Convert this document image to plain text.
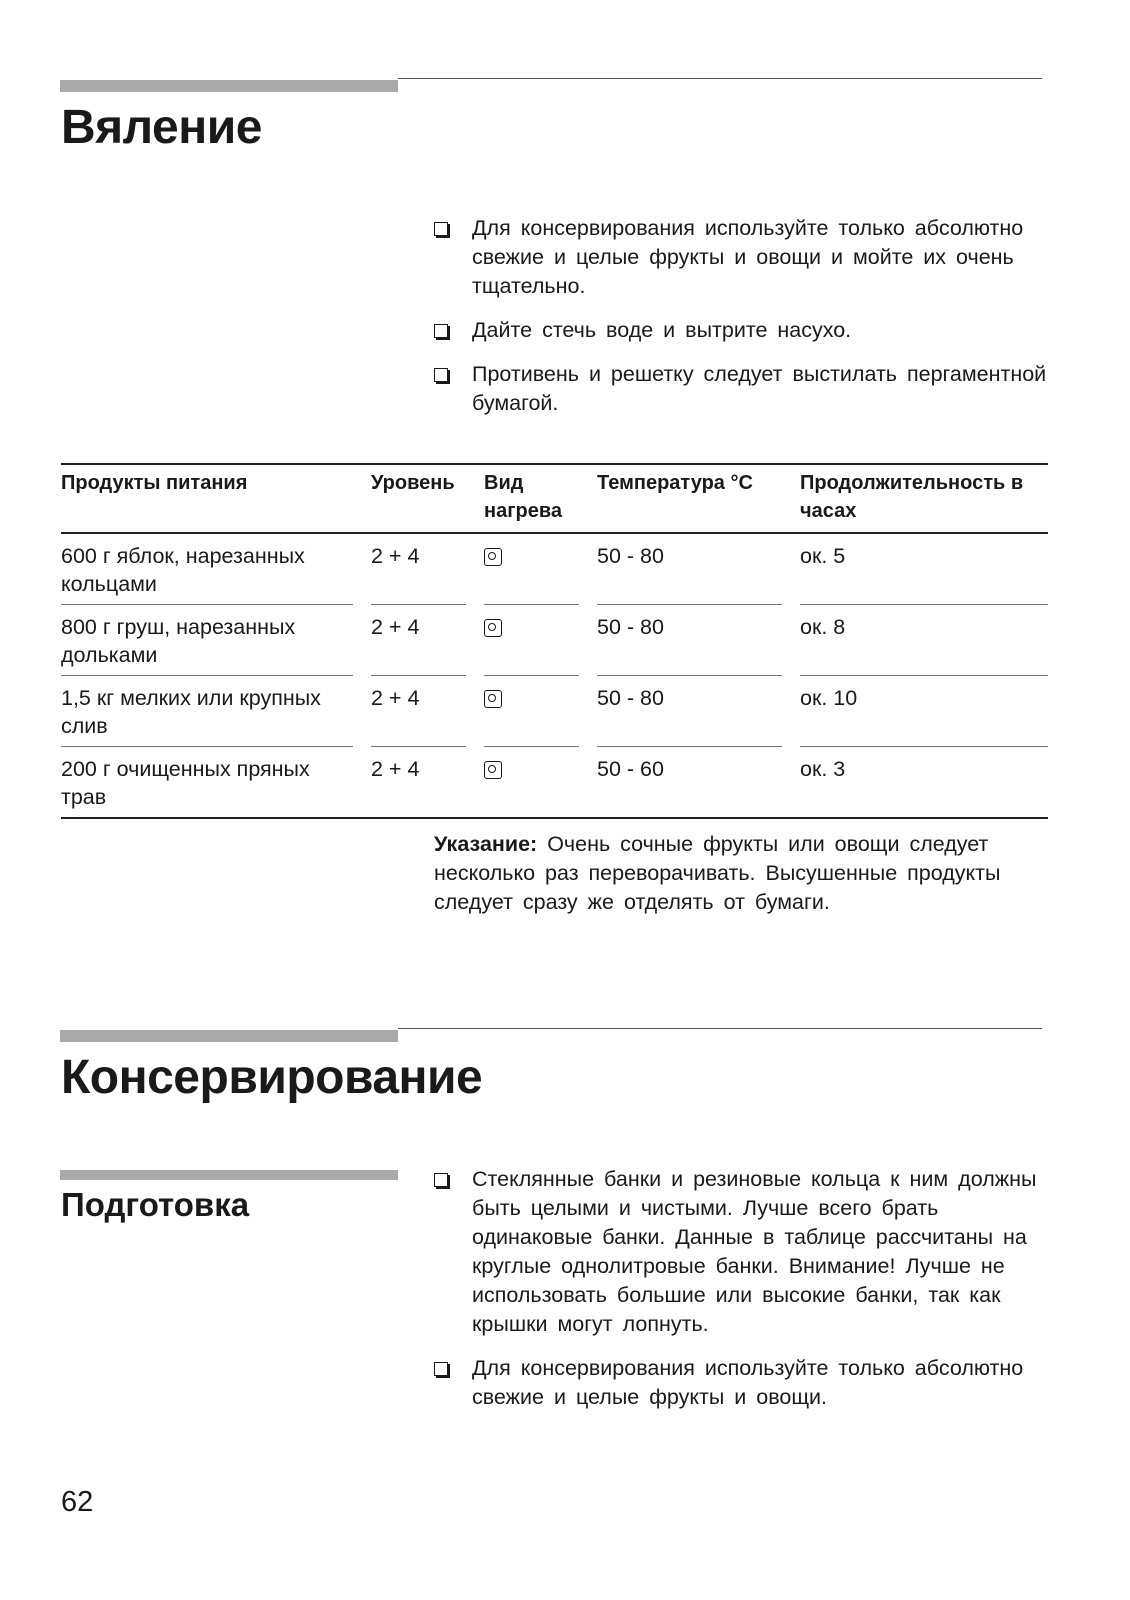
Вяление
Для консервирования используйте только абсолютно свежие и целые фрукты и овощи и мойте их очень тщательно.
Дайте стечь воде и вытрите насухо.
Противень и решетку следует выстилать пергаментной бумагой.
Продукты питания	Уровень	Вид нагрева	Температура °C	Продолжительность в часах

600 г яблок, нарезанных кольцами	2 + 4		50 - 80	ок. 5

800 г груш, нарезанных дольками	2 + 4		50 - 80	ок. 8

1,5 кг мелких или крупных слив	2 + 4		50 - 80	ок. 10

200 г очищенных пряных трав	2 + 4		50 - 60	ок. 3

Указание: Очень сочные фрукты или овощи следует несколько раз переворачивать. Высушенные продукты следует сразу же отделять от бумаги.

Консервирование
Подготовка
Стеклянные банки и резиновые кольца к ним должны быть целыми и чистыми. Лучше всего брать одинаковые банки. Данные в таблице рассчитаны на круглые однолитровые банки. Внимание! Лучше не использовать большие или высокие банки, так как крышки могут лопнуть.
Для консервирования используйте только абсолютно свежие и целые фрукты и овощи.
62
